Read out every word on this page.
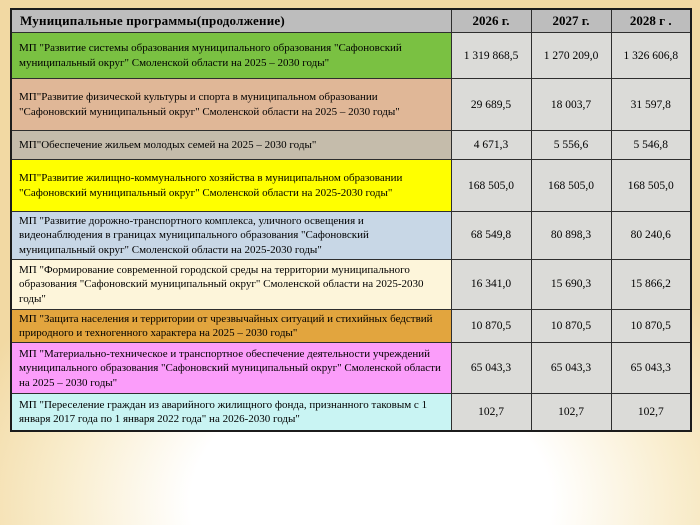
Муниципальные программы(продолжение)	2026 г.	2027 г.	2028 г .
МП "Развитие системы образования муниципального образования "Сафоновский муниципальный округ" Смоленской области на 2025 – 2030 годы"	1 319 868,5	1 270 209,0	1 326 606,8
МП"Развитие физической культуры и спорта в муниципальном образовании "Сафоновский муниципальный округ" Смоленской области на 2025 – 2030 годы"	29 689,5	18 003,7	31 597,8
МП"Обеспечение жильем молодых семей на 2025 – 2030 годы"	4 671,3	5 556,6	5 546,8
МП"Развитие жилищно-коммунального хозяйства в муниципальном образовании "Сафоновский муниципальный округ" Смоленской области на 2025-2030 годы"	168 505,0	168 505,0	168 505,0
МП "Развитие дорожно-транспортного комплекса, уличного освещения и видеонаблюдения в границах муниципального образования "Сафоновский муниципальный округ" Смоленской области на 2025-2030 годы"	68 549,8	80 898,3	80 240,6
МП "Формирование современной городской среды на территории муниципального образования "Сафоновский муниципальный округ" Смоленской области на 2025-2030 годы"	16 341,0	15 690,3	15 866,2
МП "Защита населения и территории от чрезвычайных ситуаций и стихийных бедствий природного и техногенного характера на 2025 – 2030 годы"	10 870,5	10 870,5	10 870,5
МП "Материально-техническое и транспортное обеспечение деятельности учреждений муниципального образования "Сафоновский муниципальный округ" Смоленской области на 2025 – 2030 годы"	65 043,3	65 043,3	65 043,3
МП "Переселение граждан из аварийного жилищного фонда, признанного таковым с 1 января 2017 года по 1 января 2022 года" на 2026-2030 годы"	102,7	102,7	102,7
